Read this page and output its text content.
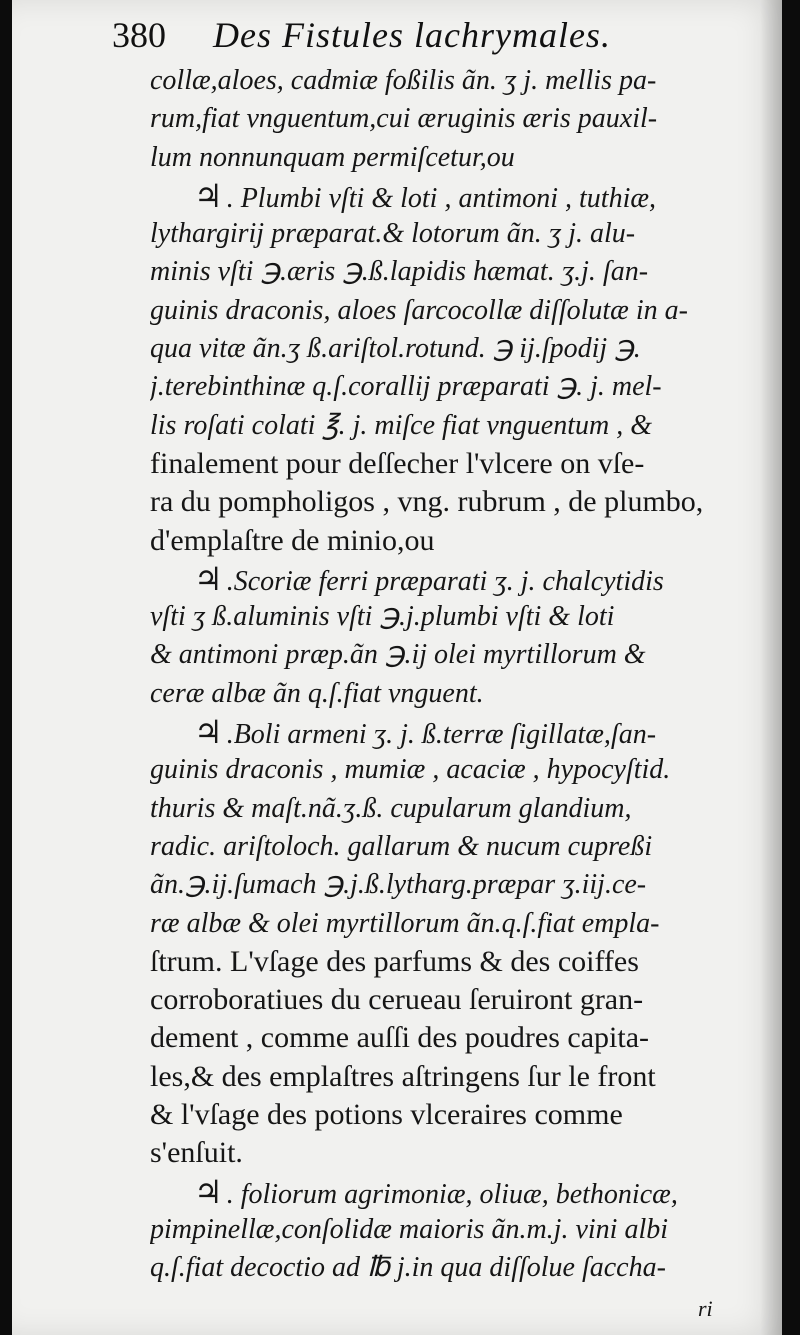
380 Des Fistules lachrymales.
collæ,aloes, cadmiæ foßilis ãn. ʒ j. mellis pa-
rum,fiat vnguentum,cui æruginis æris pauxil-
lum nonnunquam permiſcetur,ou
♃ . Plumbi vſti & loti , antimoni , tuthiæ,
lythargirij præparat.& lotorum ãn. ʒ j. alu-
minis vſti ℈.æris ℈.ß.lapidis hæmat. ʒ.j. ſan-
guinis draconis, aloes ſarcocollæ diſſolutæ in a-
qua vitæ ãn.ʒ ß.ariſtol.rotund. ℈ ij.ſpodij ℈.
j.terebinthinæ q.ſ.corallij præparati ℈. j. mel-
lis roſati colati ℥. j. miſce fiat vnguentum , &
finalement pour deſſecher l'vlcere on vſe-
ra du pompholigos , vng. rubrum , de plumbo,
d'emplaſtre de minio,ou
♃ .Scoriæ ferri præparati ʒ. j. chalcytidis
vſti ʒ ß.aluminis vſti ℈.j.plumbi vſti & loti
& antimoni præp.ãn ℈.ij olei myrtillorum &
ceræ albæ ãn q.ſ.fiat vnguent.
♃ .Boli armeni ʒ. j. ß.terræ ſigillatæ,ſan-
guinis draconis , mumiæ , acaciæ , hypocyſtid.
thuris & maſt.nã.ʒ.ß. cupularum glandium,
radic. ariſtoloch. gallarum & nucum cupreßi
ãn.℈.ij.ſumach ℈.j.ß.lytharg.præpar ʒ.iij.ce-
ræ albæ & olei myrtillorum ãn.q.ſ.fiat empla-
ſtrum. L'vſage des parfums & des coiffes
corroboratiues du cerueau ſeruiront gran-
dement , comme auſſi des poudres capita-
les,& des emplaſtres aſtringens ſur le front
& l'vſage des potions vlceraires comme
s'enſuit.
♃ . foliorum agrimoniæ, oliuæ, bethonicæ,
pimpinellæ,conſolidæ maioris ãn.m.j. vini albi
q.ſ.fiat decoctio ad ℔ j.in qua diſſolue ſaccha-
ri
